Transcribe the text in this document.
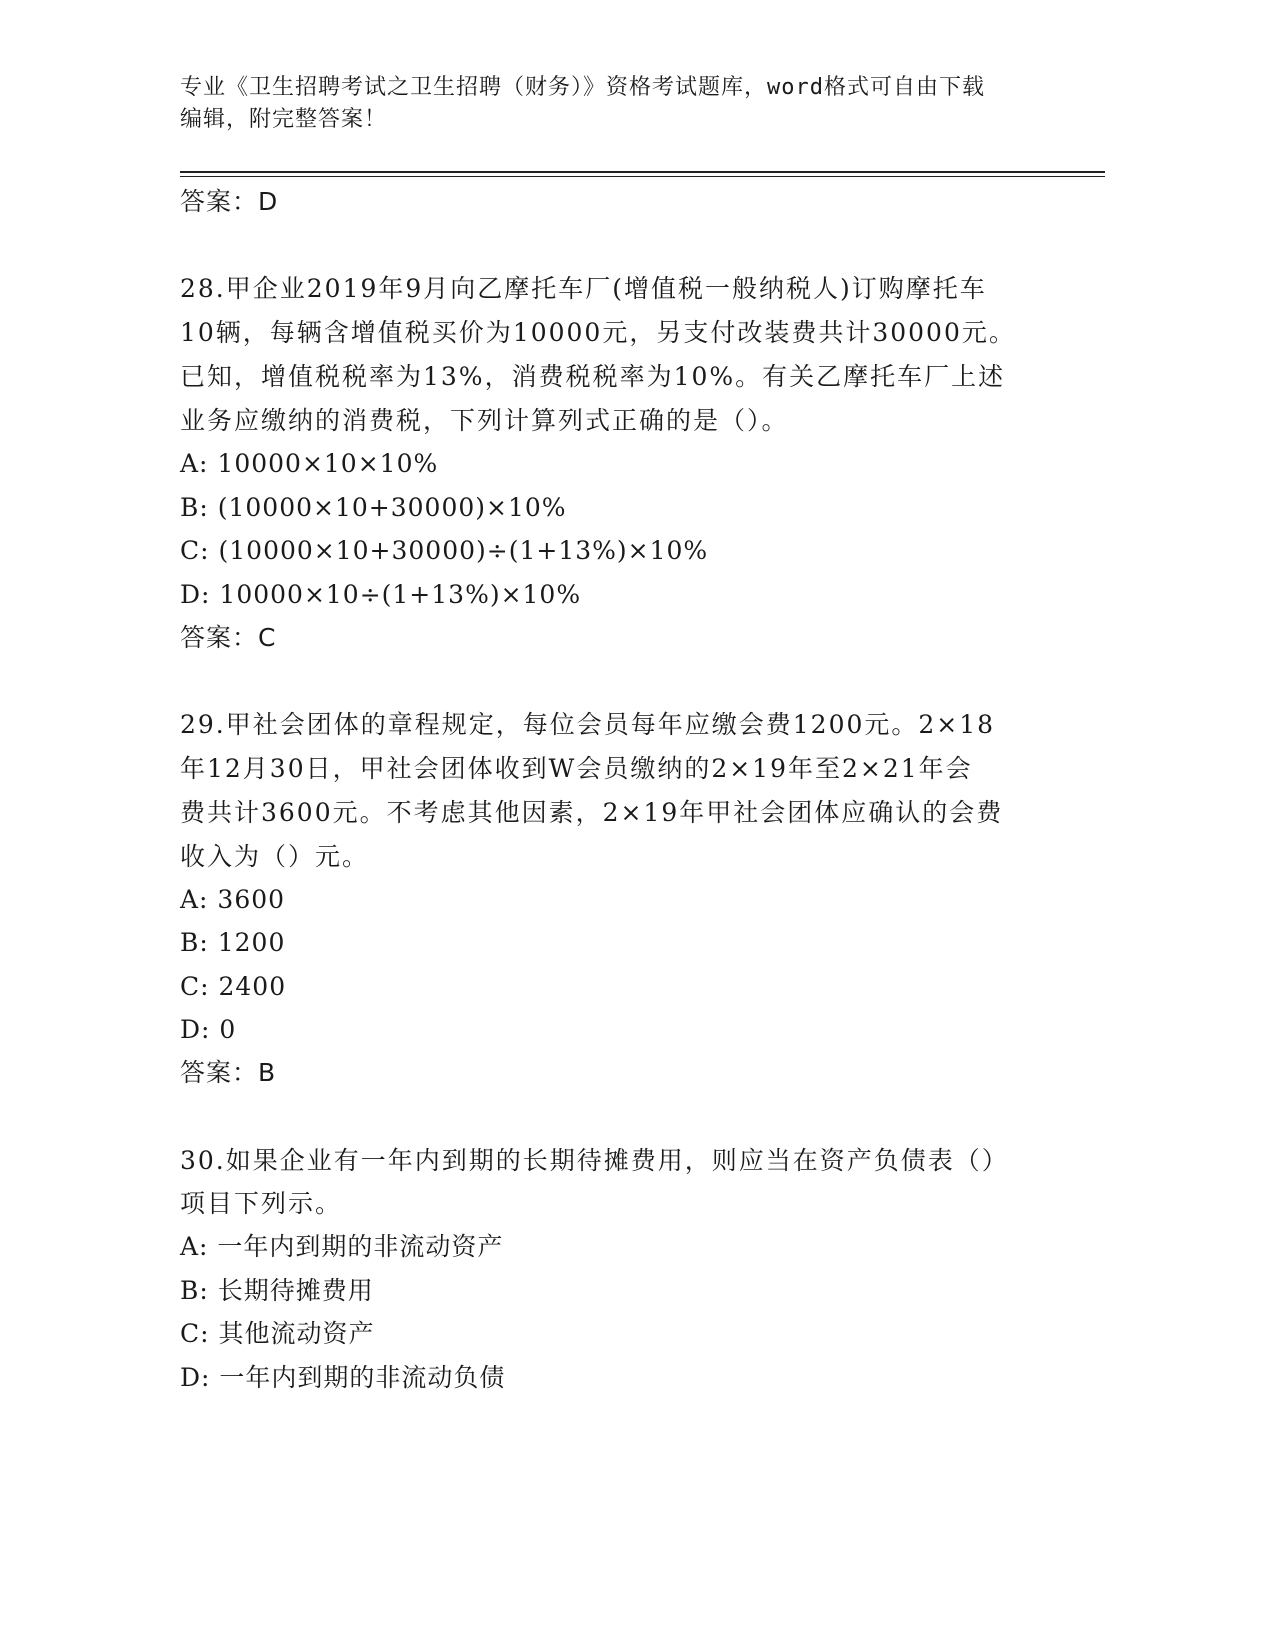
专业《卫生招聘考试之卫生招聘（财务）》资格考试题库，word格式可自由下载
编辑，附完整答案！
答案：D
28.甲企业2019年9月向乙摩托车厂(增值税一般纳税人)订购摩托车
10辆，每辆含增值税买价为10000元，另支付改装费共计30000元。
已知，增值税税率为13%，消费税税率为10%。有关乙摩托车厂上述
业务应缴纳的消费税，下列计算列式正确的是（）。
A: 10000×10×10%
B: (10000×10+30000)×10%
C: (10000×10+30000)÷(1+13%)×10%
D: 10000×10÷(1+13%)×10%
答案：C
29.甲社会团体的章程规定，每位会员每年应缴会费1200元。2×18
年12月30日，甲社会团体收到W会员缴纳的2×19年至2×21年会
费共计3600元。不考虑其他因素，2×19年甲社会团体应确认的会费
收入为（）元。
A: 3600
B: 1200
C: 2400
D: 0
答案：B
30.如果企业有一年内到期的长期待摊费用，则应当在资产负债表（）
项目下列示。
A: 一年内到期的非流动资产
B: 长期待摊费用
C: 其他流动资产
D: 一年内到期的非流动负债
